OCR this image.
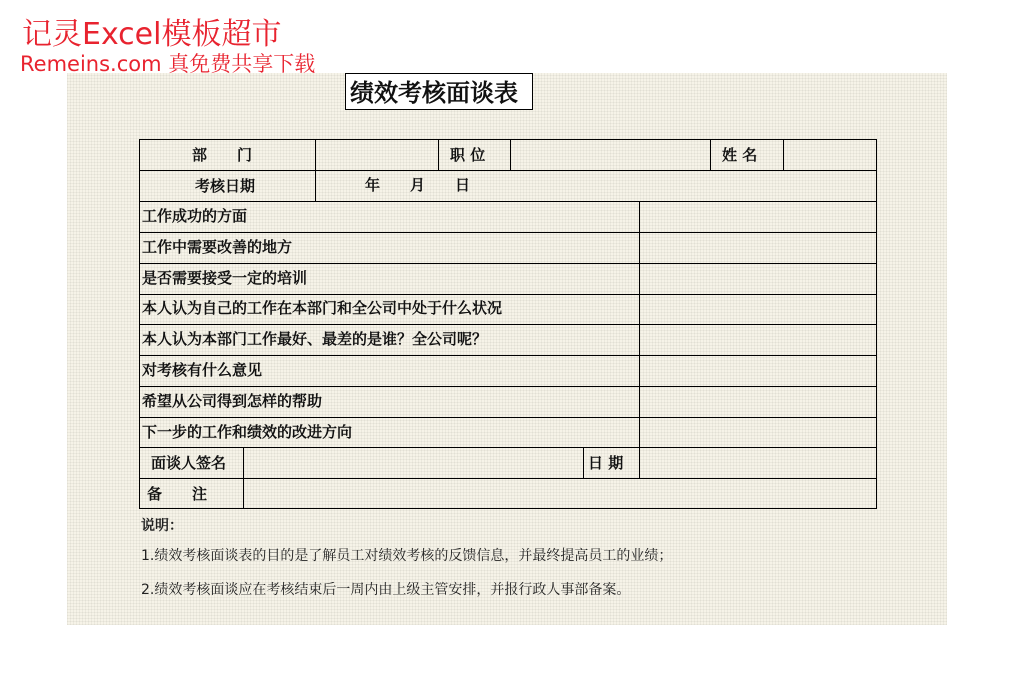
记灵Excel模板超市
Remeins.com 真免费共享下载
绩效考核面谈表
部　　门	职 位	姓 名
考核日期	年　　月　　日
工作成功的方面
工作中需要改善的地方
是否需要接受一定的培训
本人认为自己的工作在本部门和全公司中处于什么状况
本人认为本部门工作最好、最差的是谁？全公司呢？
对考核有什么意见
希望从公司得到怎样的帮助
下一步的工作和绩效的改进方向
面谈人签名	日 期
备　　注
说明：
1.绩效考核面谈表的目的是了解员工对绩效考核的反馈信息，并最终提高员工的业绩；
2.绩效考核面谈应在考核结束后一周内由上级主管安排，并报行政人事部备案。
